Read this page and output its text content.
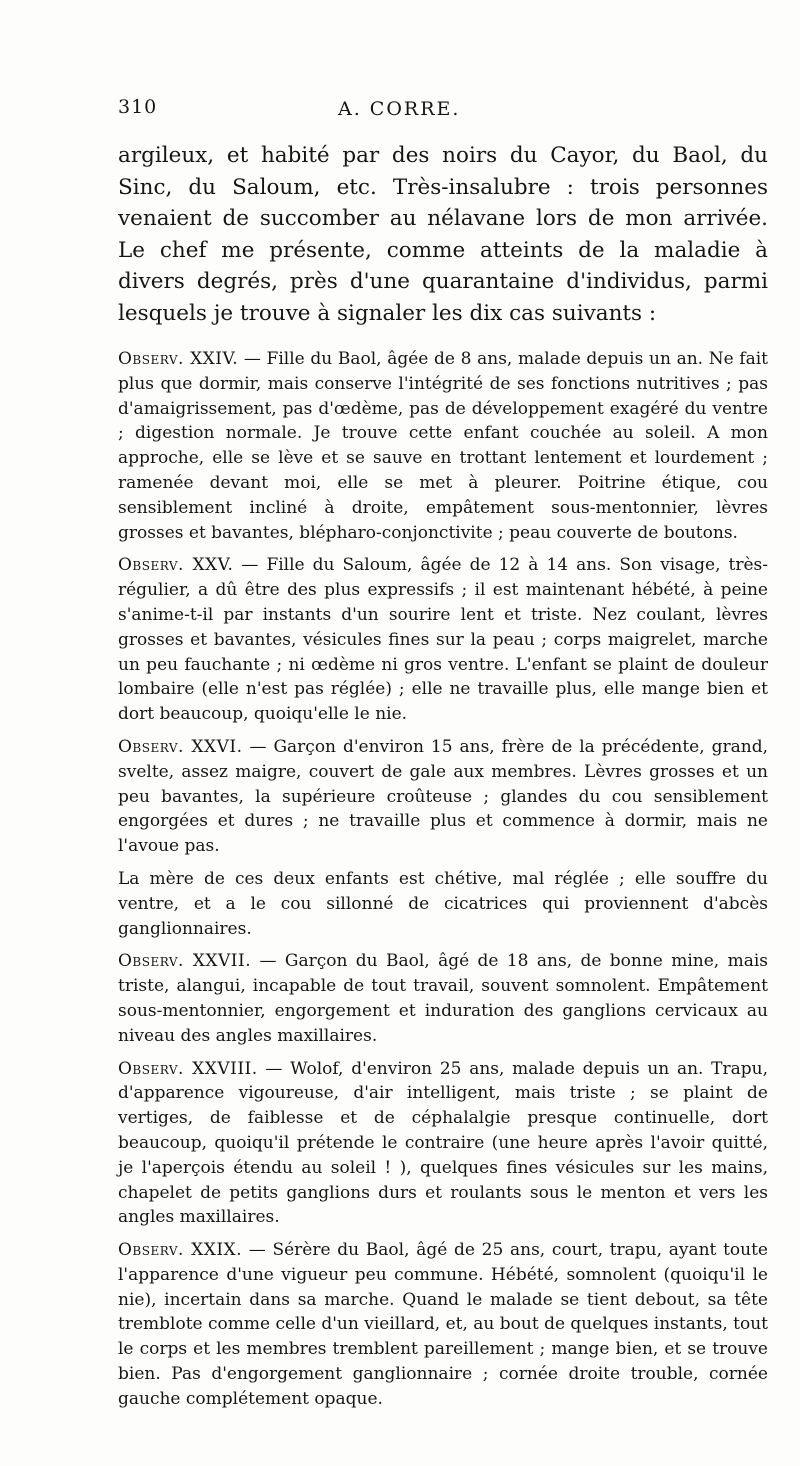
310	A. CORRE.

argileux, et habité par des noirs du Cayor, du Baol, du Sinc, du Saloum, etc. Très-insalubre : trois personnes venaient de succomber au nélavane lors de mon arrivée. Le chef me présente, comme atteints de la maladie à divers degrés, près d'une quarantaine d'individus, parmi lesquels je trouve à signaler les dix cas suivants :

Observ. XXIV. — Fille du Baol, âgée de 8 ans, malade depuis un an. Ne fait plus que dormir, mais conserve l'intégrité de ses fonctions nutritives ; pas d'amaigrissement, pas d'œdème, pas de développement exagéré du ventre ; digestion normale. Je trouve cette enfant couchée au soleil. A mon approche, elle se lève et se sauve en trottant lentement et lourdement ; ramenée devant moi, elle se met à pleurer. Poitrine étique, cou sensiblement incliné à droite, empâtement sous-mentonnier, lèvres grosses et bavantes, blépharo-conjonctivite ; peau couverte de boutons.

Observ. XXV. — Fille du Saloum, âgée de 12 à 14 ans. Son visage, très-régulier, a dû être des plus expressifs ; il est maintenant hébété, à peine s'anime-t-il par instants d'un sourire lent et triste. Nez coulant, lèvres grosses et bavantes, vésicules fines sur la peau ; corps maigrelet, marche un peu fauchante ; ni œdème ni gros ventre. L'enfant se plaint de douleur lombaire (elle n'est pas réglée) ; elle ne travaille plus, elle mange bien et dort beaucoup, quoiqu'elle le nie.

Observ. XXVI. — Garçon d'environ 15 ans, frère de la précédente, grand, svelte, assez maigre, couvert de gale aux membres. Lèvres grosses et un peu bavantes, la supérieure croûteuse ; glandes du cou sensiblement engorgées et dures ; ne travaille plus et commence à dormir, mais ne l'avoue pas.

La mère de ces deux enfants est chétive, mal réglée ; elle souffre du ventre, et a le cou sillonné de cicatrices qui proviennent d'abcès ganglionnaires.

Observ. XXVII. — Garçon du Baol, âgé de 18 ans, de bonne mine, mais triste, alangui, incapable de tout travail, souvent somnolent. Empâtement sous-mentonnier, engorgement et induration des ganglions cervicaux au niveau des angles maxillaires.

Observ. XXVIII. — Wolof, d'environ 25 ans, malade depuis un an. Trapu, d'apparence vigoureuse, d'air intelligent, mais triste ; se plaint de vertiges, de faiblesse et de céphalalgie presque continuelle, dort beaucoup, quoiqu'il prétende le contraire (une heure après l'avoir quitté, je l'aperçois étendu au soleil ! ), quelques fines vésicules sur les mains, chapelet de petits ganglions durs et roulants sous le menton et vers les angles maxillaires.

Observ. XXIX. — Sérère du Baol, âgé de 25 ans, court, trapu, ayant toute l'apparence d'une vigueur peu commune. Hébété, somnolent (quoiqu'il le nie), incertain dans sa marche. Quand le malade se tient debout, sa tête tremblote comme celle d'un vieillard, et, au bout de quelques instants, tout le corps et les membres tremblent pareillement ; mange bien, et se trouve bien. Pas d'engorgement ganglionnaire ; cornée droite trouble, cornée gauche complétement opaque.
